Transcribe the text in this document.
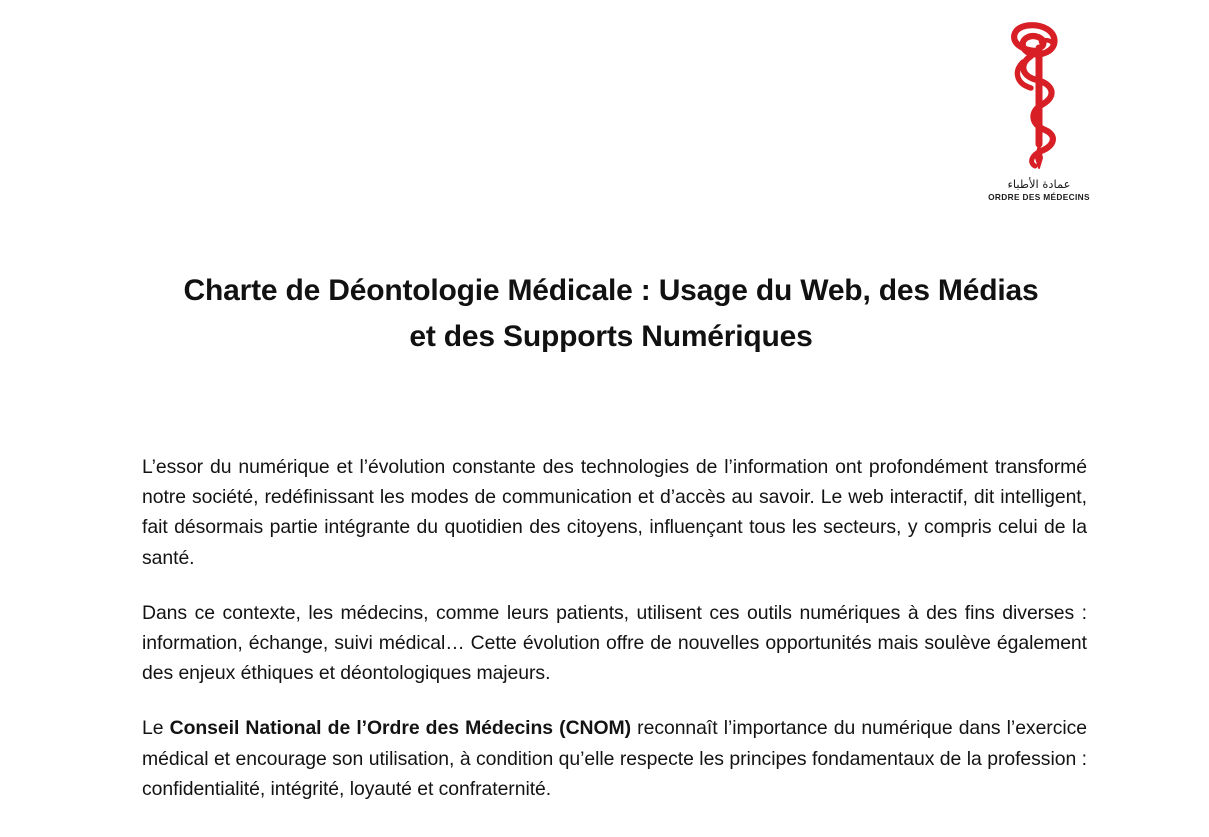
عمادة الأطباء
ORDRE DES MÉDECINS
Charte de Déontologie Médicale : Usage du Web, des Médias et des Supports Numériques

L’essor du numérique et l’évolution constante des technologies de l’information ont profondément transformé notre société, redéfinissant les modes de communication et d’accès au savoir. Le web interactif, dit intelligent, fait désormais partie intégrante du quotidien des citoyens, influençant tous les secteurs, y compris celui de la santé.

Dans ce contexte, les médecins, comme leurs patients, utilisent ces outils numériques à des fins diverses : information, échange, suivi médical… Cette évolution offre de nouvelles opportunités mais soulève également des enjeux éthiques et déontologiques majeurs.

Le Conseil National de l’Ordre des Médecins (CNOM) reconnaît l’importance du numérique dans l’exercice médical et encourage son utilisation, à condition qu’elle respecte les principes fondamentaux de la profession : confidentialité, intégrité, loyauté et confraternité.
